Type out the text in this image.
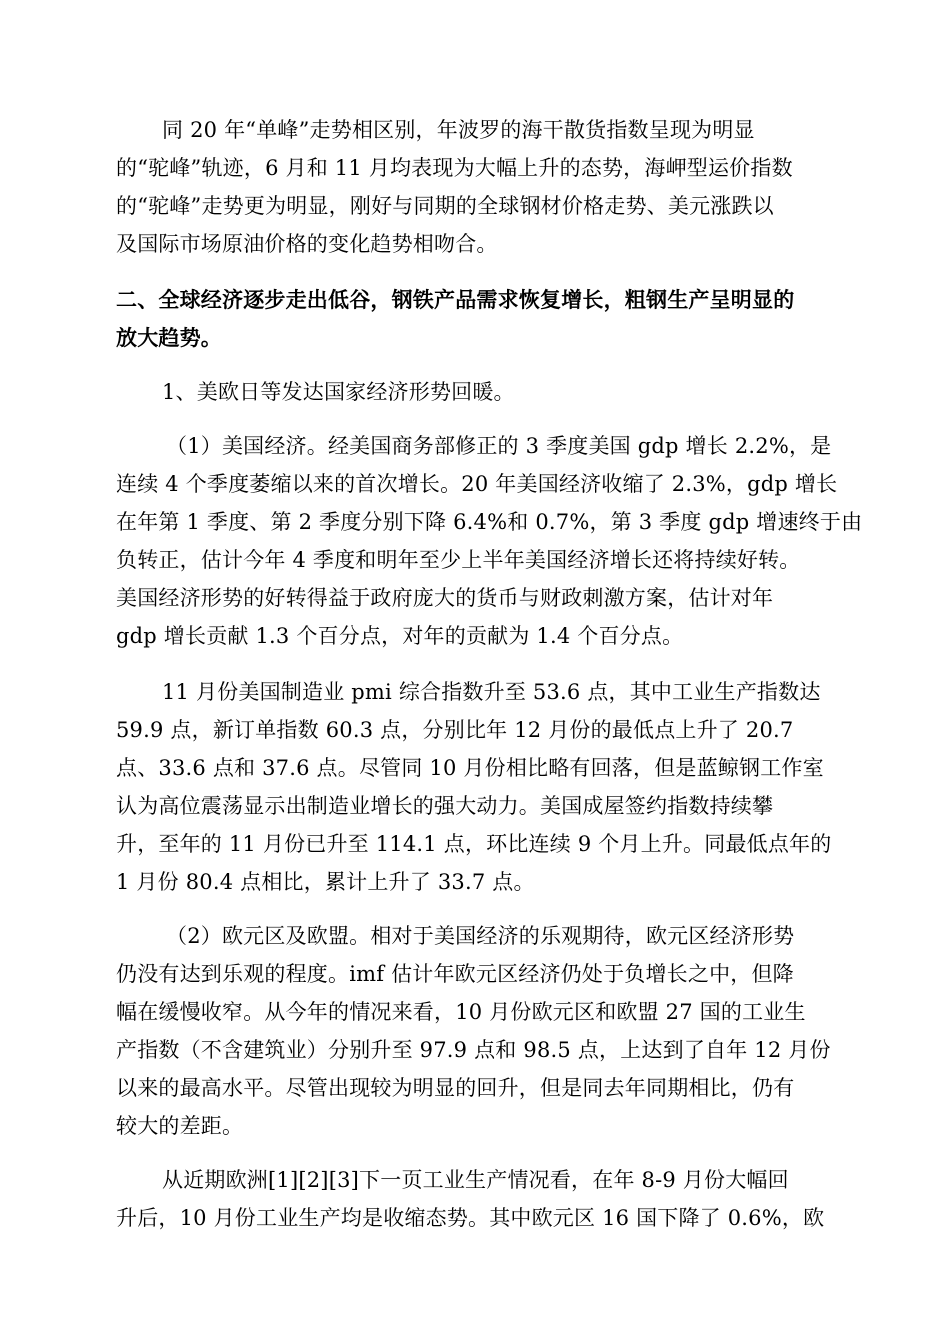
同 20 年“单峰”走势相区别，年波罗的海干散货指数呈现为明显
的“驼峰”轨迹，6 月和 11 月均表现为大幅上升的态势，海岬型运价指数
的“驼峰”走势更为明显，刚好与同期的全球钢材价格走势、美元涨跌以
及国际市场原油价格的变化趋势相吻合。
二、全球经济逐步走出低谷，钢铁产品需求恢复增长，粗钢生产呈明显的
放大趋势。
1、美欧日等发达国家经济形势回暖。
（1）美国经济。经美国商务部修正的 3 季度美国 gdp 增长 2.2%，是
连续 4 个季度萎缩以来的首次增长。20 年美国经济收缩了 2.3%，gdp 增长
在年第 1 季度、第 2 季度分别下降 6.4%和 0.7%，第 3 季度 gdp 增速终于由
负转正，估计今年 4 季度和明年至少上半年美国经济增长还将持续好转。
美国经济形势的好转得益于政府庞大的货币与财政刺激方案，估计对年
gdp 增长贡献 1.3 个百分点，对年的贡献为 1.4 个百分点。
11 月份美国制造业 pmi 综合指数升至 53.6 点，其中工业生产指数达
59.9 点，新订单指数 60.3 点，分别比年 12 月份的最低点上升了 20.7
点、33.6 点和 37.6 点。尽管同 10 月份相比略有回落，但是蓝鲸钢工作室
认为高位震荡显示出制造业增长的强大动力。美国成屋签约指数持续攀
升，至年的 11 月份已升至 114.1 点，环比连续 9 个月上升。同最低点年的
1 月份 80.4 点相比，累计上升了 33.7 点。
（2）欧元区及欧盟。相对于美国经济的乐观期待，欧元区经济形势
仍没有达到乐观的程度。imf 估计年欧元区经济仍处于负增长之中，但降
幅在缓慢收窄。从今年的情况来看，10 月份欧元区和欧盟 27 国的工业生
产指数（不含建筑业）分别升至 97.9 点和 98.5 点，上达到了自年 12 月份
以来的最高水平。尽管出现较为明显的回升，但是同去年同期相比，仍有
较大的差距。
从近期欧洲[1][2][3]下一页工业生产情况看，在年 8-9 月份大幅回
升后，10 月份工业生产均是收缩态势。其中欧元区 16 国下降了 0.6%，欧
